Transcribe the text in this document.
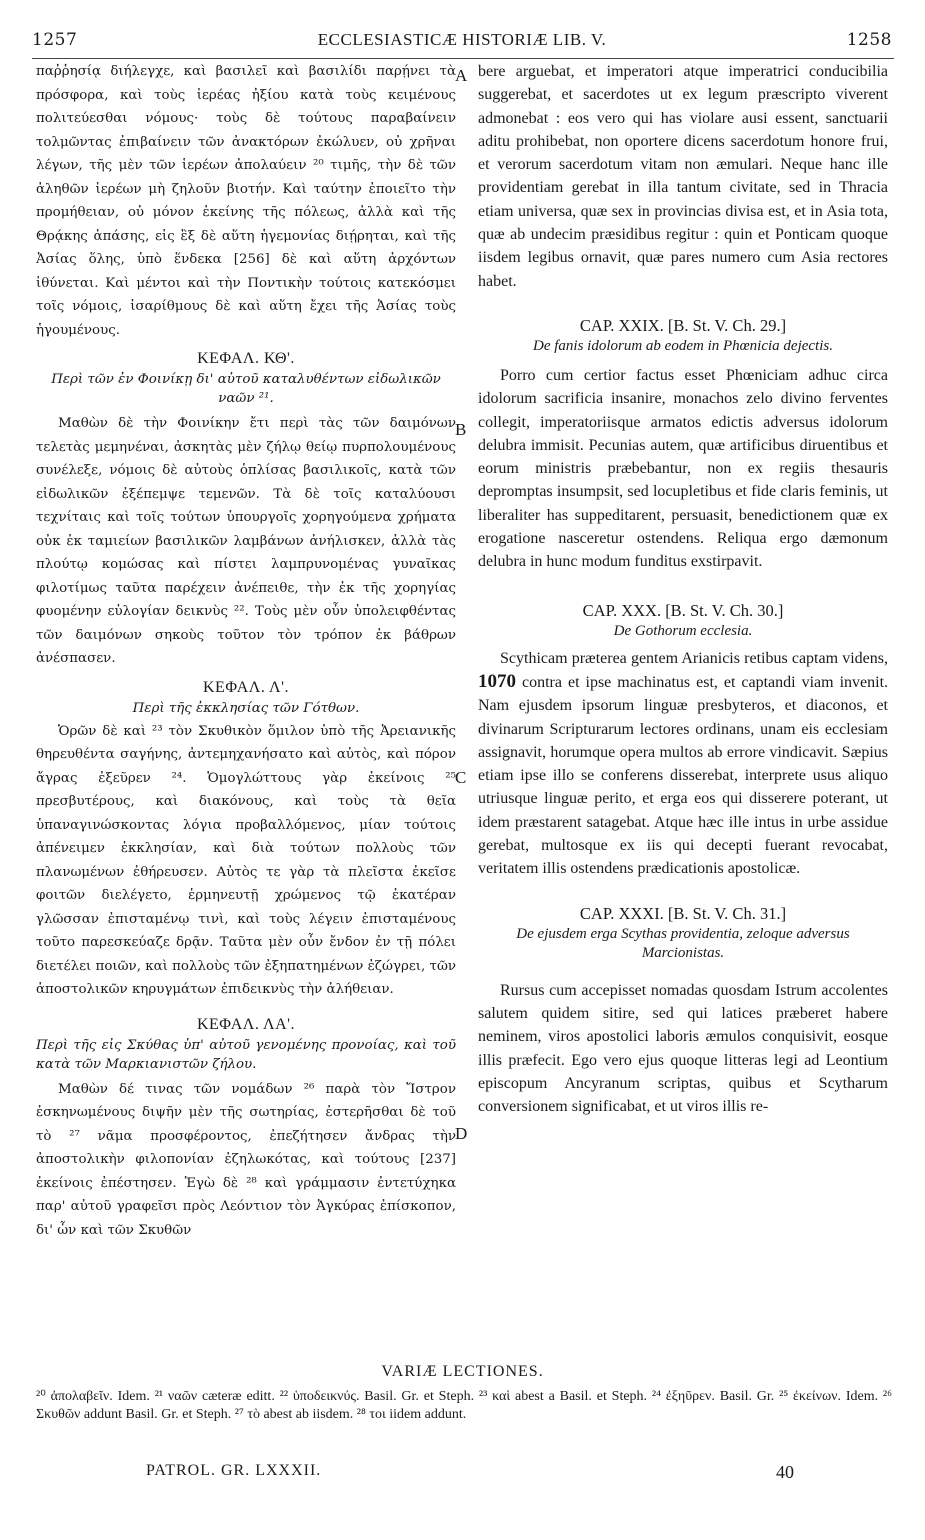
1257	ECCLESIASTICÆ HISTORIÆ LIB. V.	1258
A
B
C
D

παῤῥησίᾳ διήλεγχε, καὶ βασιλεῖ καὶ βασιλίδι παρῄνει τὰ πρόσφορα, καὶ τοὺς ἱερέας ἠξίου κατὰ τοὺς κειμένους πολιτεύεσθαι νόμους· τοὺς δὲ τούτους παραβαίνειν τολμῶντας ἐπιβαίνειν τῶν ἀνακτόρων ἐκώλυεν, οὐ χρῆναι λέγων, τῆς μὲν τῶν ἱερέων ἀπολαύειν ²⁰ τιμῆς, τὴν δὲ τῶν ἀληθῶν ἱερέων μὴ ζηλοῦν βιοτήν. Καὶ ταύτην ἐποιεῖτο τὴν προμήθειαν, οὐ μόνον ἐκείνης τῆς πόλεως, ἀλλὰ καὶ τῆς Θρᾴκης ἁπάσης, εἰς ἓξ δὲ αὕτη ἡγεμονίας διῄρηται, καὶ τῆς Ἀσίας ὅλης, ὑπὸ ἕνδεκα [256] δὲ καὶ αὕτη ἀρχόντων ἰθύνεται. Καὶ μέντοι καὶ τὴν Ποντικὴν τούτοις κατεκόσμει τοῖς νόμοις, ἰσαρίθμους δὲ καὶ αὕτη ἔχει τῆς Ἀσίας τοὺς ἡγουμένους.

ΚΕΦΑΛ. ΚΘ'.

Περὶ τῶν ἐν Φοινίκῃ δι' αὐτοῦ καταλυθέντων εἰδωλικῶν ναῶν ²¹.

Μαθὼν δὲ τὴν Φοινίκην ἔτι περὶ τὰς τῶν δαιμόνων τελετὰς μεμηνέναι, ἀσκητὰς μὲν ζήλῳ θείῳ πυρπολουμένους συνέλεξε, νόμοις δὲ αὐτοὺς ὁπλίσας βασιλικοῖς, κατὰ τῶν εἰδωλικῶν ἐξέπεμψε τεμενῶν. Τὰ δὲ τοῖς καταλύουσι τεχνίταις καὶ τοῖς τούτων ὑπουργοῖς χορηγούμενα χρήματα οὐκ ἐκ ταμιείων βασιλικῶν λαμβάνων ἀνήλισκεν, ἀλλὰ τὰς πλούτῳ κομώσας καὶ πίστει λαμπρυνομένας γυναῖκας φιλοτίμως ταῦτα παρέχειν ἀνέπειθε, τὴν ἐκ τῆς χορηγίας φυομένην εὐλογίαν δεικνὺς ²². Τοὺς μὲν οὖν ὑπολειφθέντας τῶν δαιμόνων σηκοὺς τοῦτον τὸν τρόπον ἐκ βάθρων ἀνέσπασεν.

ΚΕΦΑΛ. Λ'.

Περὶ τῆς ἐκκλησίας τῶν Γότθων.

Ὁρῶν δὲ καὶ ²³ τὸν Σκυθικὸν ὅμιλον ὑπὸ τῆς Ἀρειανικῆς θηρευθέντα σαγήνης, ἀντεμηχανήσατο καὶ αὐτὸς, καὶ πόρον ἄγρας ἐξεῦρεν ²⁴. Ὁμογλώττους γὰρ ἐκείνοις ²⁵ πρεσβυτέρους, καὶ διακόνους, καὶ τοὺς τὰ θεῖα ὑπαναγινώσκοντας λόγια προβαλλόμενος, μίαν τούτοις ἀπένειμεν ἐκκλησίαν, καὶ διὰ τούτων πολλοὺς τῶν πλανωμένων ἐθήρευσεν. Αὐτὸς τε γὰρ τὰ πλεῖστα ἐκεῖσε φοιτῶν διελέγετο, ἑρμηνευτῇ χρώμενος τῷ ἑκατέραν γλῶσσαν ἐπισταμένῳ τινὶ, καὶ τοὺς λέγειν ἐπισταμένους τοῦτο παρεσκεύαζε δρᾷν. Ταῦτα μὲν οὖν ἔνδον ἐν τῇ πόλει διετέλει ποιῶν, καὶ πολλοὺς τῶν ἐξηπατημένων ἐζώγρει, τῶν ἀποστολικῶν κηρυγμάτων ἐπιδεικνὺς τὴν ἀλήθειαν.

ΚΕΦΑΛ. ΛΑ'.

Περὶ τῆς εἰς Σκύθας ὑπ' αὐτοῦ γενομένης προνοίας, καὶ τοῦ κατὰ τῶν Μαρκιανιστῶν ζήλου.

Μαθὼν δέ τινας τῶν νομάδων ²⁶ παρὰ τὸν Ἴστρον ἐσκηνωμένους διψῆν μὲν τῆς σωτηρίας, ἐστερῆσθαι δὲ τοῦ τὸ ²⁷ νᾶμα προσφέροντος, ἐπεζήτησεν ἄνδρας τὴν ἀποστολικὴν φιλοπονίαν ἐζηλωκότας, καὶ τούτους [237] ἐκείνοις ἐπέστησεν. Ἐγὼ δὲ ²⁸ καὶ γράμμασιν ἐντετύχηκα παρ' αὐτοῦ γραφεῖσι πρὸς Λεόντιον τὸν Ἀγκύρας ἐπίσκοπον, δι' ὧν καὶ τῶν Σκυθῶν

bere arguebat, et imperatori atque imperatrici conducibilia suggerebat, et sacerdotes ut ex legum præscripto viverent admonebat : eos vero qui has violare ausi essent, sanctuarii aditu prohibebat, non oportere dicens sacerdotum honore frui, et verorum sacerdotum vitam non æmulari. Neque hanc ille providentiam gerebat in illa tantum civitate, sed in Thracia etiam universa, quæ sex in provincias divisa est, et in Asia tota, quæ ab undecim præsidibus regitur : quin et Ponticam quoque iisdem legibus ornavit, quæ pares numero cum Asia rectores habet.

CAP. XXIX. [B. St. V. Ch. 29.]

De fanis idolorum ab eodem in Phœnicia dejectis.

Porro cum certior factus esset Phœniciam adhuc circa idolorum sacrificia insanire, monachos zelo divino ferventes collegit, imperatoriisque armatos edictis adversus idolorum delubra immisit. Pecunias autem, quæ artificibus diruentibus et eorum ministris præbebantur, non ex regiis thesauris depromptas insumpsit, sed locupletibus et fide claris feminis, ut liberaliter has suppeditarent, persuasit, benedictionem quæ ex erogatione nasceretur ostendens. Reliqua ergo dæmonum delubra in hunc modum funditus exstirpavit.

CAP. XXX. [B. St. V. Ch. 30.]

De Gothorum ecclesia.

Scythicam præterea gentem Arianicis retibus captam videns, 1070 contra et ipse machinatus est, et captandi viam invenit. Nam ejusdem ipsorum linguæ presbyteros, et diaconos, et divinarum Scripturarum lectores ordinans, unam eis ecclesiam assignavit, horumque opera multos ab errore vindicavit. Sæpius etiam ipse illo se conferens disserebat, interprete usus aliquo utriusque linguæ perito, et erga eos qui disserere poterant, ut idem præstarent satagebat. Atque hæc ille intus in urbe assidue gerebat, multosque ex iis qui decepti fuerant revocabat, veritatem illis ostendens prædicationis apostolicæ.

CAP. XXXI. [B. St. V. Ch. 31.]

De ejusdem erga Scythas providentia, zeloque adversus Marcionistas.

Rursus cum accepisset nomadas quosdam Istrum accolentes salutem quidem sitire, sed qui latices præberet habere neminem, viros apostolici laboris æmulos conquisivit, eosque illis præfecit. Ego vero ejus quoque litteras legi ad Leontium episcopum Ancyranum scriptas, quibus et Scytharum conversionem significabat, et ut viros illis re-

VARIÆ LECTIONES.
²⁰ ἀπολαβεῖν. Idem. ²¹ ναῶν cæteræ editt. ²² ὑποδεικνύς. Basil. Gr. et Steph. ²³ καὶ abest a Basil. et Steph. ²⁴ ἐξηῦρεν. Basil. Gr. ²⁵ ἐκείνων. Idem. ²⁶ Σκυθῶν addunt Basil. Gr. et Steph. ²⁷ τὸ abest ab iisdem. ²⁸ τοι iidem addunt.
PATROL. GR. LXXXII.	40
